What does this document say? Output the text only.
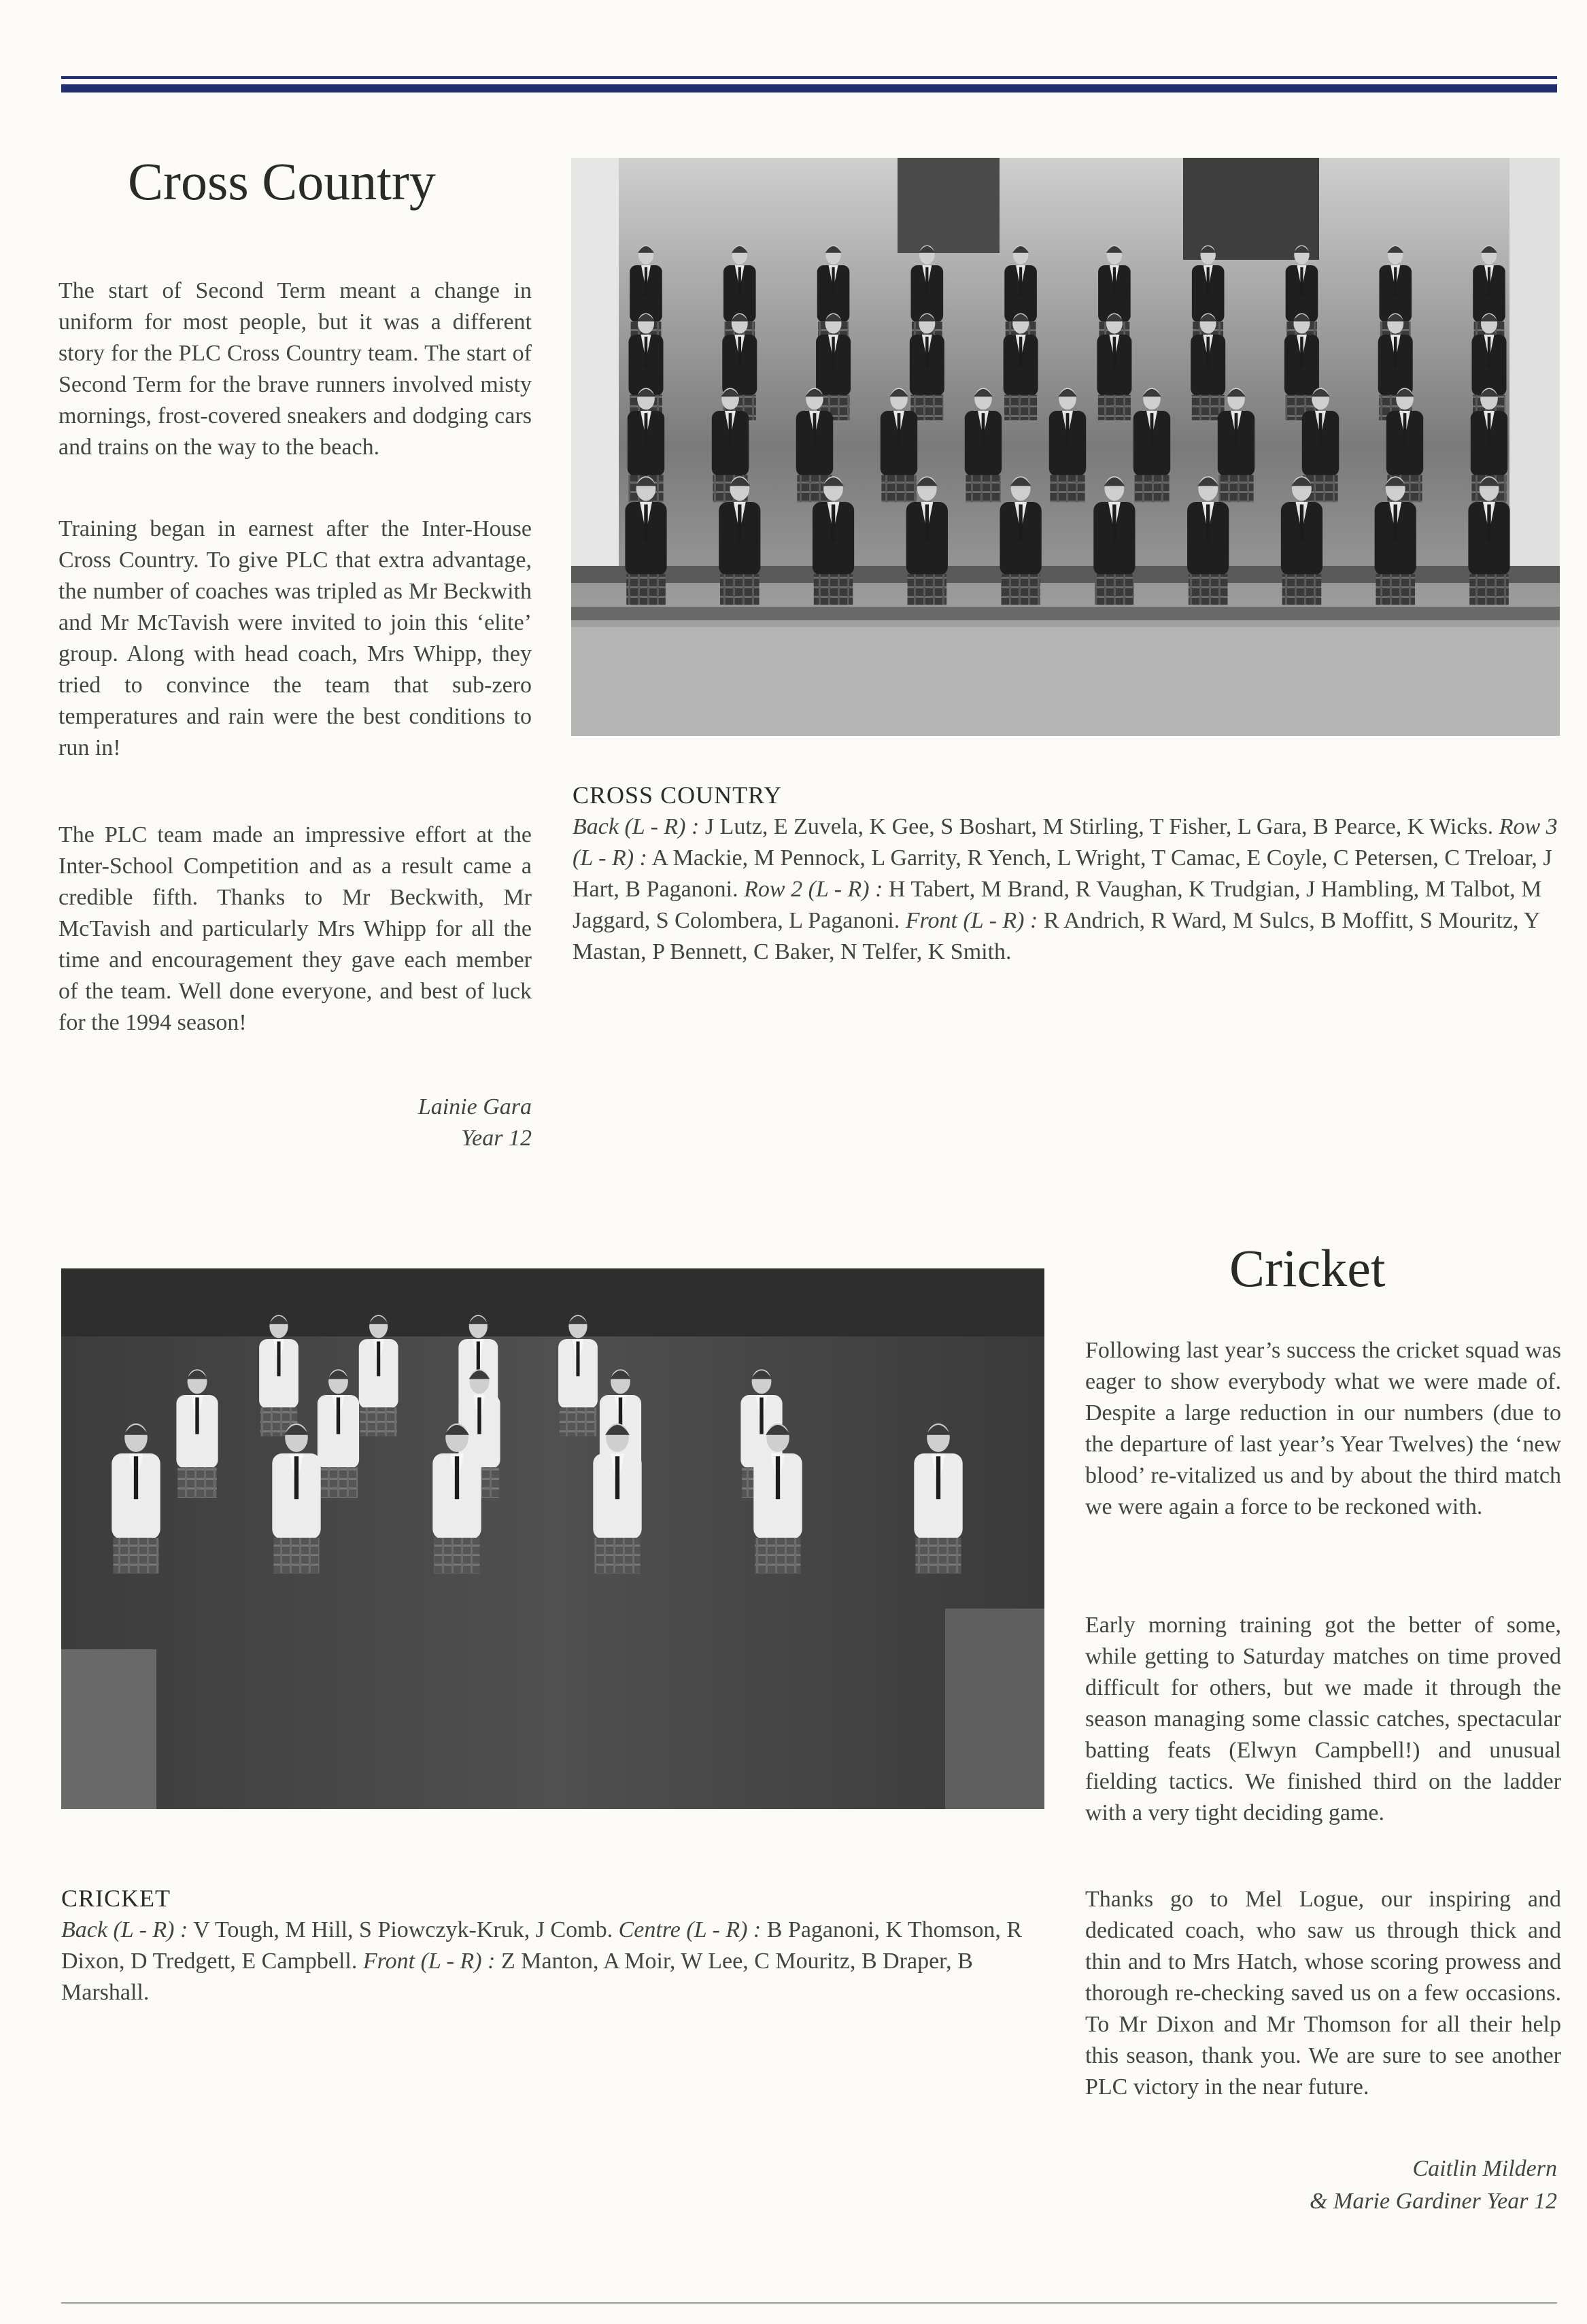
Cross Country

The start of Second Term meant a change in uniform for most people, but it was a different story for the PLC Cross Country team. The start of Second Term for the brave runners involved misty mornings, frost-covered sneakers and dodging cars and trains on the way to the beach.

Training began in earnest after the Inter-House Cross Country. To give PLC that extra advantage, the number of coaches was tripled as Mr Beckwith and Mr McTavish were invited to join this ‘elite’ group. Along with head coach, Mrs Whipp, they tried to convince the team that sub-zero temperatures and rain were the best conditions to run in!

The PLC team made an impressive effort at the Inter-School Competition and as a result came a credible fifth. Thanks to Mr Beckwith, Mr McTavish and particularly Mrs Whipp for all the time and encouragement they gave each member of the team. Well done everyone, and best of luck for the 1994 season!

Lainie Gara
Year 12

CROSS COUNTRY

Back (L - R) : J Lutz, E Zuvela, K Gee, S Boshart, M Stirling, T Fisher, L Gara, B Pearce, K Wicks. Row 3 (L - R) : A Mackie, M Pennock, L Garrity, R Yench, L Wright, T Camac, E Coyle, C Petersen, C Treloar, J Hart, B Paganoni. Row 2 (L - R) : H Tabert, M Brand, R Vaughan, K Trudgian, J Hambling, M Talbot, M Jaggard, S Colombera, L Paganoni. Front (L - R) : R Andrich, R Ward, M Sulcs, B Moffitt, S Mouritz, Y Mastan, P Bennett, C Baker, N Telfer, K Smith.

Cricket

Following last year’s success the cricket squad was eager to show everybody what we were made of. Despite a large reduction in our numbers (due to the departure of last year’s Year Twelves) the ‘new blood’ re-vitalized us and by about the third match we were again a force to be reckoned with.

Early morning training got the better of some, while getting to Saturday matches on time proved difficult for others, but we made it through the season managing some classic catches, spectacular batting feats (Elwyn Campbell!) and unusual fielding tactics. We finished third on the ladder with a very tight deciding game.

Thanks go to Mel Logue, our inspiring and dedicated coach, who saw us through thick and thin and to Mrs Hatch, whose scoring prowess and thorough re-checking saved us on a few occasions. To Mr Dixon and Mr Thomson for all their help this season, thank you. We are sure to see another PLC victory in the near future.

Caitlin Mildern
& Marie Gardiner Year 12

CRICKET

Back (L - R) : V Tough, M Hill, S Piowczyk-Kruk, J Comb. Centre (L - R) : B Paganoni, K Thomson, R Dixon, D Tredgett, E Campbell. Front (L - R) : Z Manton, A Moir, W Lee, C Mouritz, B Draper, B Marshall.
